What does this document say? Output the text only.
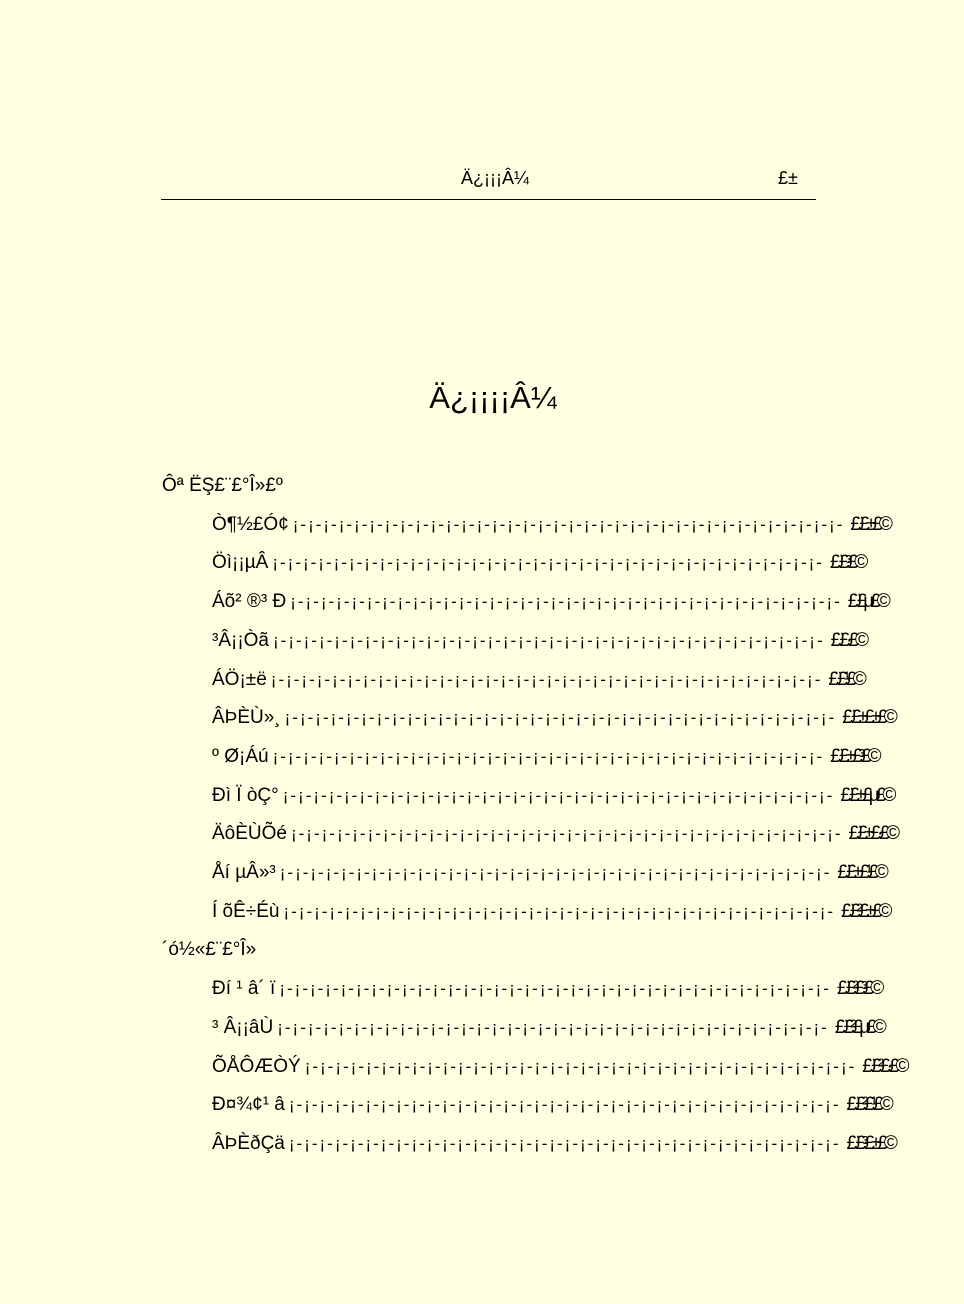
Ä¿¡¡¡Â¼	£±
Ä¿¡¡¡¡Â¼
Ôª ËŞ£¨£°Î»£º
Ò¶½£Ó¢ ¡-¡-¡-¡-¡-¡-¡-¡-¡-¡-¡-¡-¡-¡-¡-¡-¡-¡-¡-¡-¡-¡-¡-¡-¡-¡-¡-¡-¡-¡-¡-¡-¡-¡-¡-¡- £¨£±£©
Öì¡¡µÂ ¡-¡-¡-¡-¡-¡-¡-¡-¡-¡-¡-¡-¡-¡-¡-¡-¡-¡-¡-¡-¡-¡-¡-¡-¡-¡-¡-¡-¡-¡-¡-¡-¡-¡-¡-¡- £¨£³£©
Áõ² ®³ Ð ¡-¡-¡-¡-¡-¡-¡-¡-¡-¡-¡-¡-¡-¡-¡-¡-¡-¡-¡-¡-¡-¡-¡-¡-¡-¡-¡-¡-¡-¡-¡-¡-¡-¡-¡-¡- £¨£µ£©
³Â¡¡Òã ¡-¡-¡-¡-¡-¡-¡-¡-¡-¡-¡-¡-¡-¡-¡-¡-¡-¡-¡-¡-¡-¡-¡-¡-¡-¡-¡-¡-¡-¡-¡-¡-¡-¡-¡-¡- £¨£·£©
ÁÖ¡±ë ¡-¡-¡-¡-¡-¡-¡-¡-¡-¡-¡-¡-¡-¡-¡-¡-¡-¡-¡-¡-¡-¡-¡-¡-¡-¡-¡-¡-¡-¡-¡-¡-¡-¡-¡-¡- £¨£¹£©
ÂÞÈÙ»¸ ¡-¡-¡-¡-¡-¡-¡-¡-¡-¡-¡-¡-¡-¡-¡-¡-¡-¡-¡-¡-¡-¡-¡-¡-¡-¡-¡-¡-¡-¡-¡-¡-¡-¡-¡-¡- £¨£±£±£©
º Ø¡Áú ¡-¡-¡-¡-¡-¡-¡-¡-¡-¡-¡-¡-¡-¡-¡-¡-¡-¡-¡-¡-¡-¡-¡-¡-¡-¡-¡-¡-¡-¡-¡-¡-¡-¡-¡-¡- £¨£±£³£©
Ðì Ï òÇ° ¡-¡-¡-¡-¡-¡-¡-¡-¡-¡-¡-¡-¡-¡-¡-¡-¡-¡-¡-¡-¡-¡-¡-¡-¡-¡-¡-¡-¡-¡-¡-¡-¡-¡-¡-¡- £¨£±£µ£©
ÄôÈÙÕé ¡-¡-¡-¡-¡-¡-¡-¡-¡-¡-¡-¡-¡-¡-¡-¡-¡-¡-¡-¡-¡-¡-¡-¡-¡-¡-¡-¡-¡-¡-¡-¡-¡-¡-¡-¡- £¨£±£·£©
Åí µÂ»³ ¡-¡-¡-¡-¡-¡-¡-¡-¡-¡-¡-¡-¡-¡-¡-¡-¡-¡-¡-¡-¡-¡-¡-¡-¡-¡-¡-¡-¡-¡-¡-¡-¡-¡-¡-¡- £¨£±£¹£©
Í õÊ÷Éù ¡-¡-¡-¡-¡-¡-¡-¡-¡-¡-¡-¡-¡-¡-¡-¡-¡-¡-¡-¡-¡-¡-¡-¡-¡-¡-¡-¡-¡-¡-¡-¡-¡-¡-¡-¡- £¨£²£±£©
´ó½«£¨£°Î»
Ðí ¹ â´ ï ¡-¡-¡-¡-¡-¡-¡-¡-¡-¡-¡-¡-¡-¡-¡-¡-¡-¡-¡-¡-¡-¡-¡-¡-¡-¡-¡-¡-¡-¡-¡-¡-¡-¡-¡-¡- £¨£²£³£©
³ Â¡¡âÙ ¡-¡-¡-¡-¡-¡-¡-¡-¡-¡-¡-¡-¡-¡-¡-¡-¡-¡-¡-¡-¡-¡-¡-¡-¡-¡-¡-¡-¡-¡-¡-¡-¡-¡-¡-¡- £¨£²£µ£©
ÕÅÔÆÒÝ ¡-¡-¡-¡-¡-¡-¡-¡-¡-¡-¡-¡-¡-¡-¡-¡-¡-¡-¡-¡-¡-¡-¡-¡-¡-¡-¡-¡-¡-¡-¡-¡-¡-¡-¡-¡- £¨£²£·£©
Ð¤¾¢¹ â ¡-¡-¡-¡-¡-¡-¡-¡-¡-¡-¡-¡-¡-¡-¡-¡-¡-¡-¡-¡-¡-¡-¡-¡-¡-¡-¡-¡-¡-¡-¡-¡-¡-¡-¡-¡- £¨£²£¹£©
ÂÞÈðÇä ¡-¡-¡-¡-¡-¡-¡-¡-¡-¡-¡-¡-¡-¡-¡-¡-¡-¡-¡-¡-¡-¡-¡-¡-¡-¡-¡-¡-¡-¡-¡-¡-¡-¡-¡-¡- £¨£³£±£©
